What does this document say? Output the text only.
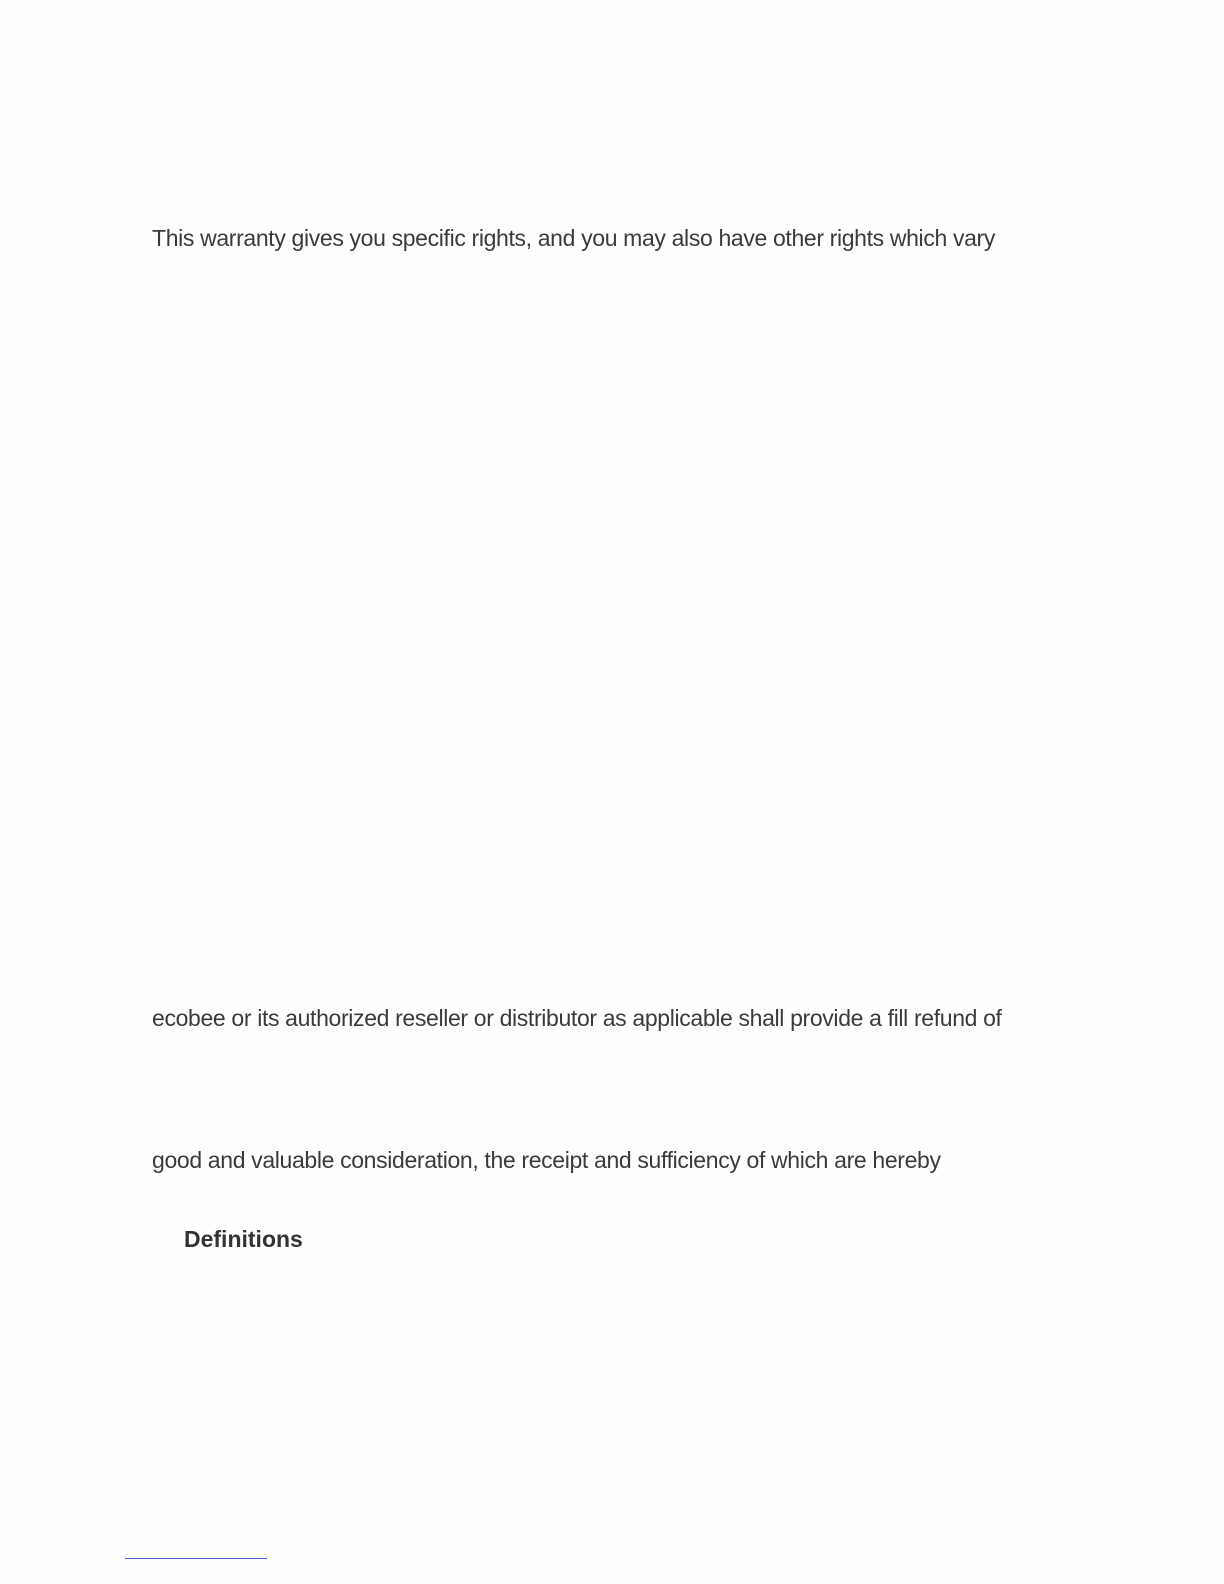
This warranty gives you specific rights, and you may also have other rights which vary
ecobee or its authorized reseller or distributor as applicable shall provide a fill refund of
good and valuable consideration, the receipt and sufficiency of which are hereby
Definitions
